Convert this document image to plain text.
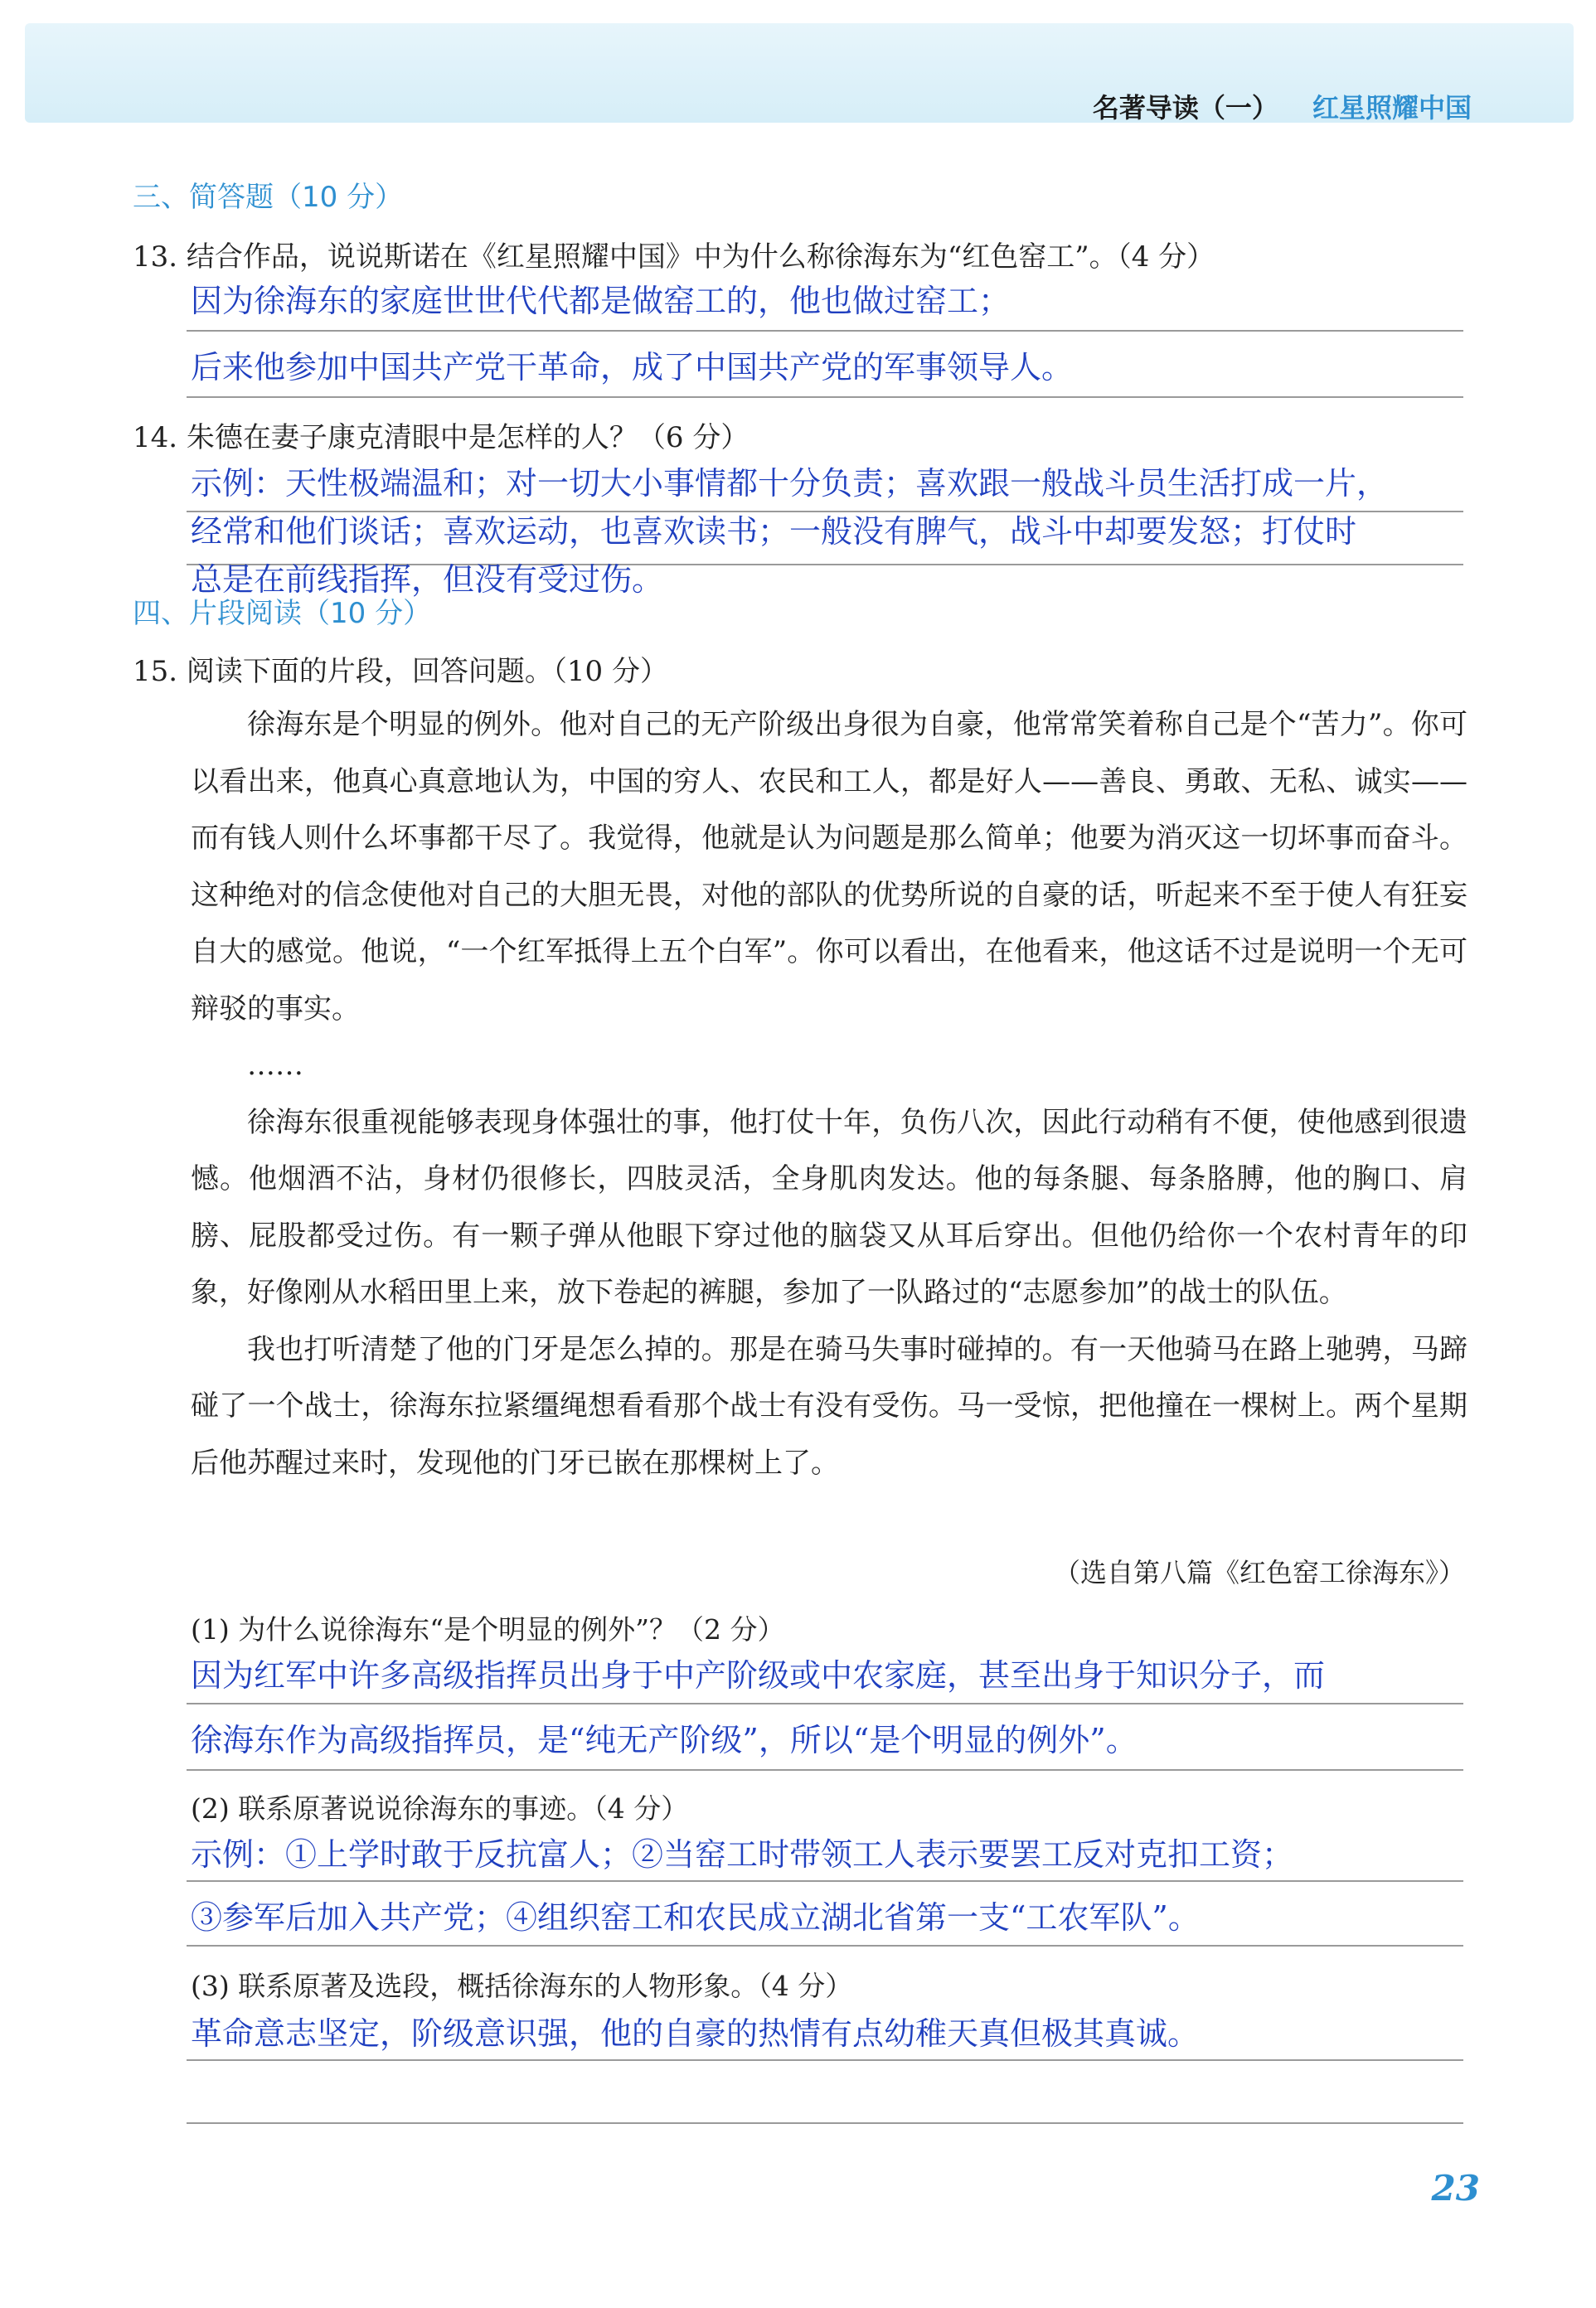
名著导读（一） 红星照耀中国
三、简答题（10 分）
13. 结合作品，说说斯诺在《红星照耀中国》中为什么称徐海东为“红色窑工”。（4 分）
因为徐海东的家庭世世代代都是做窑工的，他也做过窑工；
后来他参加中国共产党干革命，成了中国共产党的军事领导人。
14. 朱德在妻子康克清眼中是怎样的人？（6 分）
示例：天性极端温和；对一切大小事情都十分负责；喜欢跟一般战斗员生活打成一片，
经常和他们谈话；喜欢运动，也喜欢读书；一般没有脾气，战斗中却要发怒；打仗时
总是在前线指挥，但没有受过伤。
四、片段阅读（10 分）
15. 阅读下面的片段，回答问题。（10 分）

徐海东是个明显的例外。他对自己的无产阶级出身很为自豪，他常常笑着称自己是个“苦力”。你可以看出来，他真心真意地认为，中国的穷人、农民和工人，都是好人——善良、勇敢、无私、诚实——而有钱人则什么坏事都干尽了。我觉得，他就是认为问题是那么简单；他要为消灭这一切坏事而奋斗。这种绝对的信念使他对自己的大胆无畏，对他的部队的优势所说的自豪的话，听起来不至于使人有狂妄自大的感觉。他说，“一个红军抵得上五个白军”。你可以看出，在他看来，他这话不过是说明一个无可辩驳的事实。

……

徐海东很重视能够表现身体强壮的事，他打仗十年，负伤八次，因此行动稍有不便，使他感到很遗憾。他烟酒不沾，身材仍很修长，四肢灵活，全身肌肉发达。他的每条腿、每条胳膊，他的胸口、肩膀、屁股都受过伤。有一颗子弹从他眼下穿过他的脑袋又从耳后穿出。但他仍给你一个农村青年的印象，好像刚从水稻田里上来，放下卷起的裤腿，参加了一队路过的“志愿参加”的战士的队伍。

我也打听清楚了他的门牙是怎么掉的。那是在骑马失事时碰掉的。有一天他骑马在路上驰骋，马蹄碰了一个战士，徐海东拉紧缰绳想看看那个战士有没有受伤。马一受惊，把他撞在一棵树上。两个星期后他苏醒过来时，发现他的门牙已嵌在那棵树上了。

（选自第八篇《红色窑工徐海东》）
(1) 为什么说徐海东“是个明显的例外”？（2 分）
因为红军中许多高级指挥员出身于中产阶级或中农家庭，甚至出身于知识分子，而
徐海东作为高级指挥员，是“纯无产阶级”，所以“是个明显的例外”。
(2) 联系原著说说徐海东的事迹。（4 分）
示例：①上学时敢于反抗富人；②当窑工时带领工人表示要罢工反对克扣工资；
③参军后加入共产党；④组织窑工和农民成立湖北省第一支“工农军队”。
(3) 联系原著及选段，概括徐海东的人物形象。（4 分）
革命意志坚定，阶级意识强，他的自豪的热情有点幼稚天真但极其真诚。
23
